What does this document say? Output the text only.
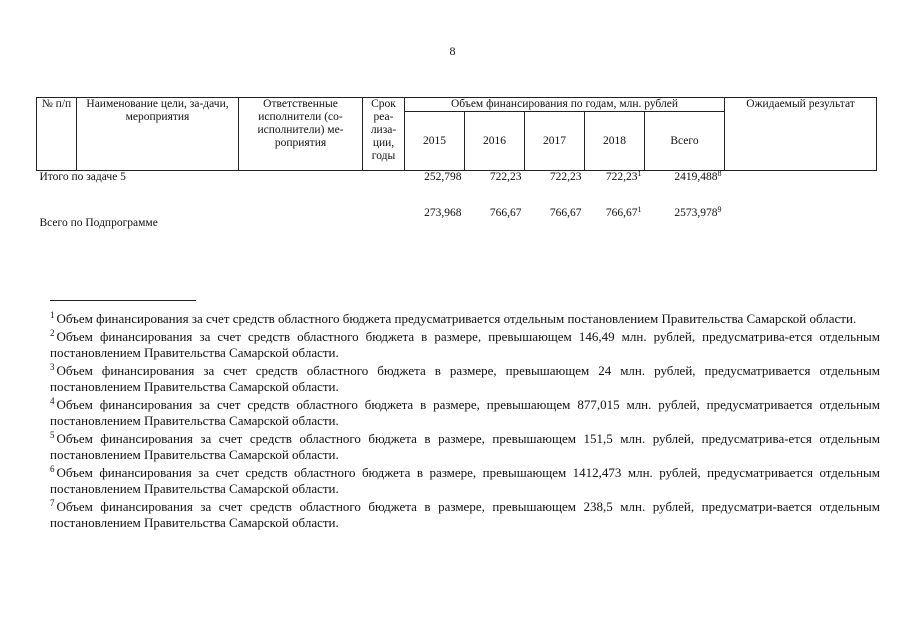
8
№ п/п	Наименование цели, за-дачи, мероприятия	Ответственные исполнители (со-исполнители) ме-роприятия	Срок реа-лиза-ции, годы	Объем финансирования по годам, млн. рублей					Ожидаемый результат
				2015	2016	2017	2018	Всего	
Итого по задаче 5				252,798	722,23	722,23	722,23$^1$	2419,488$^8$	
Всего по Подпрограмме				273,968	766,67	766,67	766,67$^1$	2573,978$^9$	

$^1$ Объем финансирования за счет средств областного бюджета предусматривается отдельным постановлением Правительства Самарской области.

$^2$ Объем финансирования за счет средств областного бюджета в размере, превышающем 146,49 млн. рублей, предусматрива-ется отдельным постановлением Правительства Самарской области.

$^3$ Объем финансирования за счет средств областного бюджета в размере, превышающем 24 млн. рублей, предусматривается отдельным постановлением Правительства Самарской области.

$^4$ Объем финансирования за счет средств областного бюджета в размере, превышающем 877,015 млн. рублей, предусматривается отдельным постановлением Правительства Самарской области.

$^5$ Объем финансирования за счет средств областного бюджета в размере, превышающем 151,5 млн. рублей, предусматрива-ется отдельным постановлением Правительства Самарской области.

$^6$ Объем финансирования за счет средств областного бюджета в размере, превышающем 1412,473 млн. рублей, предусматривается отдельным постановлением Правительства Самарской области.

$^7$ Объем финансирования за счет средств областного бюджета в размере, превышающем 238,5 млн. рублей, предусматри-вается отдельным постановлением Правительства Самарской области.
